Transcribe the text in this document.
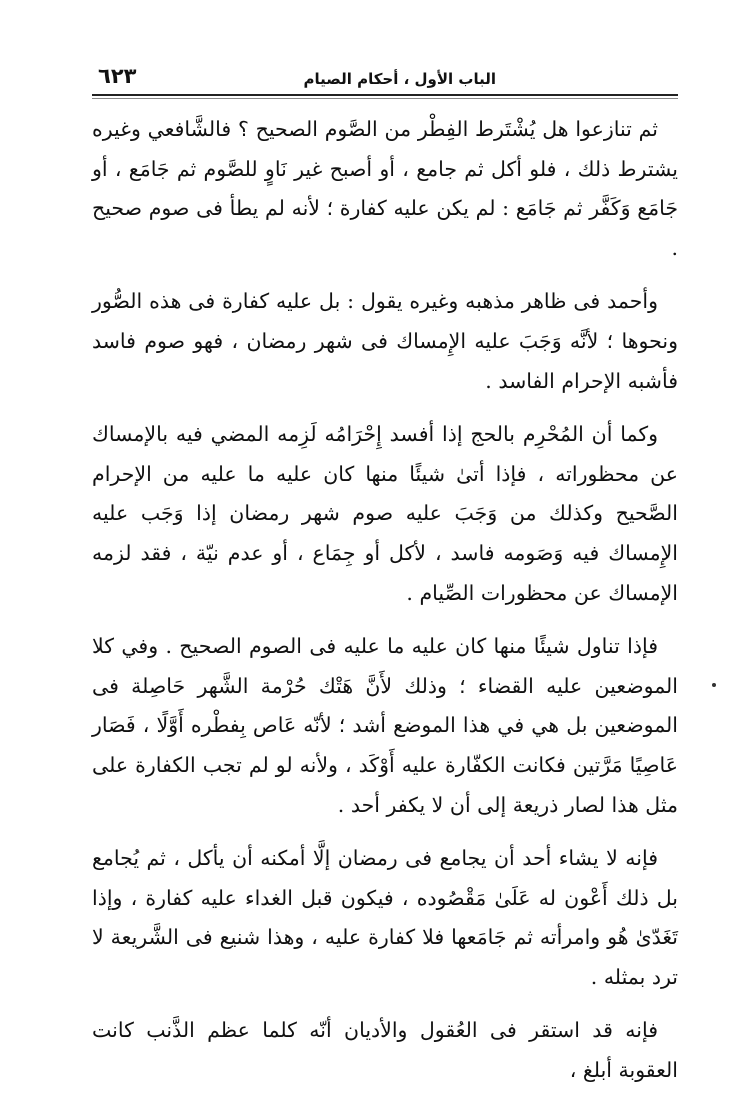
الباب الأول ، أحكام الصيام
٦٢٣

ثم تنازعوا هل يُشْتَرط الفِطْر من الصَّوم الصحيح ؟ فالشَّافعي وغيره يشترط ذلك ، فلو أكل ثم جامع ، أو أصبح غير نَاوٍ للصَّوم ثم جَامَع ، أو جَامَع وَكَفَّر ثم جَامَع : لم يكن عليه كفارة ؛ لأنه لم يطأ فى صوم صحيح .

وأحمد فى ظاهر مذهبه وغيره يقول : بل عليه كفارة فى هذه الصُّور ونحوها ؛ لأنَّه وَجَبَ عليه الإِمساك فى شهر رمضان ، فهو صوم فاسد فأشبه الإحرام الفاسد .

وكما أن المُحْرِم بالحج إذا أفسد إِحْرَامُه لَزِمه المضي فيه بالإمساك عن محظوراته ، فإذا أتىٰ شيئًا منها كان عليه ما عليه من الإحرام الصَّحيح وكذلك من وَجَبَ عليه صوم شهر رمضان إذا وَجَب عليه الإِمساك فيه وَصَومه فاسد ، لأكل أو جِمَاع ، أو عدم نيّة ، فقد لزمه الإمساك عن محظورات الصِّيام .

فإذا تناول شيئًا منها كان عليه ما عليه فى الصوم الصحيح . وفي كلا الموضعين عليه القضاء ؛ وذلك لأَنَّ هَتْك حُرْمة الشَّهر حَاصِلة فى الموضعين بل هي في هذا الموضع أشد ؛ لأنّه عَاص بِفطْره أَوَّلًا ، فَصَار عَاصِيًا مَرَّتين فكانت الكفّارة عليه أَوْكَد ، ولأنه لو لم تجب الكفارة على مثل هذا لصار ذريعة إلى أن لا يكفر أحد .

فإنه لا يشاء أحد أن يجامع فى رمضان إلَّا أمكنه أن يأكل ، ثم يُجامع بل ذلك أَعْون له عَلَىٰ مَقْصُوده ، فيكون قبل الغداء عليه كفارة ، وإذا تَغَدّىٰ هُو وامرأته ثم جَامَعها فلا كفارة عليه ، وهذا شنيع فى الشَّريعة لا ترد بمثله .

فإنه قد استقر فى العُقول والأديان أنّه كلما عظم الذَّنب كانت العقوبة أبلغ ،
